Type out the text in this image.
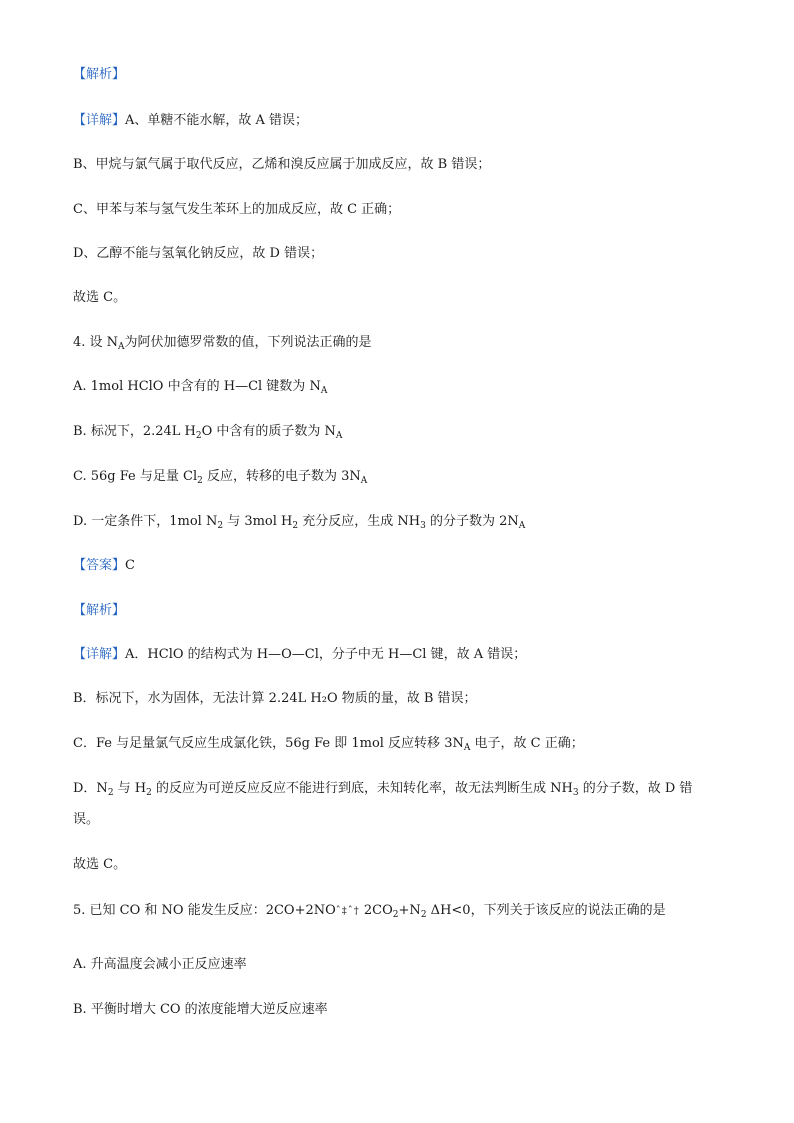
【解析】
【详解】A、单糖不能水解，故 A 错误；
B、甲烷与氯气属于取代反应，乙烯和溴反应属于加成反应，故 B 错误；
C、甲苯与苯与氢气发生苯环上的加成反应，故 C 正确；
D、乙醇不能与氢氧化钠反应，故 D 错误；
故选 C。
4. 设 $N_A$为阿伏加德罗常数的值，下列说法正确的是
A. 1mol HClO 中含有的 H—Cl 键数为 $N_A$
B. 标况下，2.24L $H_2O$ 中含有的质子数为 $N_A$
C. 56g Fe 与足量 $Cl_2$ 反应，转移的电子数为 $3N_A$
D. 一定条件下，1mol $N_2$ 与 3mol $H_2$ 充分反应，生成 $NH_3$ 的分子数为 $2N_A$
【答案】C
【解析】
【详解】A．HClO 的结构式为 H—O—Cl，分子中无 H—Cl 键，故 A 错误；
B．标况下，水为固体，无法计算 2.24L H₂O 物质的量，故 B 错误；
C．Fe 与足量氯气反应生成氯化铁，56g Fe 即 1mol 反应转移 $3N_A$ 电子，故 C 正确；
D．$N_2$ 与 $H_2$ 的反应为可逆反应反应不能进行到底，未知转化率，故无法判断生成 $NH_3$ 的分子数，故 D 错
误。
故选 C。
5. 已知 CO 和 NO 能发生反应：2CO+2NOˆ‡ˆ† $2CO_2+N_2$ ΔH<0，下列关于该反应的说法正确的是
A. 升高温度会减小正反应速率
B. 平衡时增大 CO 的浓度能增大逆反应速率
